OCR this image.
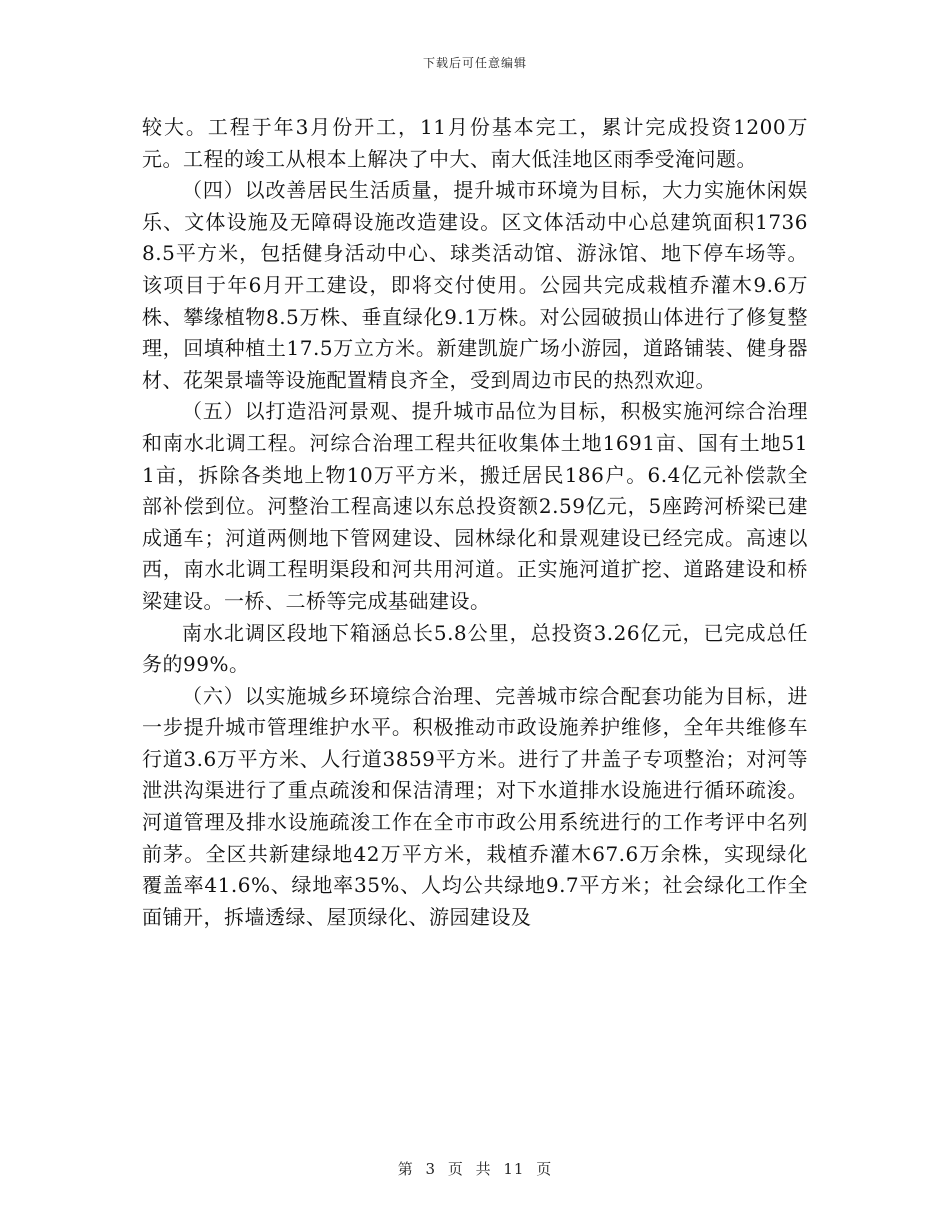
下载后可任意编辑

较大。工程于年3月份开工，11月份基本完工，累计完成投资1200万元。工程的竣工从根本上解决了中大、南大低洼地区雨季受淹问题。

（四）以改善居民生活质量，提升城市环境为目标，大力实施休闲娱乐、文体设施及无障碍设施改造建设。区文体活动中心总建筑面积17368.5平方米，包括健身活动中心、球类活动馆、游泳馆、地下停车场等。该项目于年6月开工建设，即将交付使用。公园共完成栽植乔灌木9.6万株、攀缘植物8.5万株、垂直绿化9.1万株。对公园破损山体进行了修复整理，回填种植土17.5万立方米。新建凯旋广场小游园，道路铺装、健身器材、花架景墙等设施配置精良齐全，受到周边市民的热烈欢迎。

（五）以打造沿河景观、提升城市品位为目标，积极实施河综合治理和南水北调工程。河综合治理工程共征收集体土地1691亩、国有土地511亩，拆除各类地上物10万平方米，搬迁居民186户。6.4亿元补偿款全部补偿到位。河整治工程高速以东总投资额2.59亿元，5座跨河桥梁已建成通车；河道两侧地下管网建设、园林绿化和景观建设已经完成。高速以西，南水北调工程明渠段和河共用河道。正实施河道扩挖、道路建设和桥梁建设。一桥、二桥等完成基础建设。

南水北调区段地下箱涵总长5.8公里，总投资3.26亿元，已完成总任务的99%。

（六）以实施城乡环境综合治理、完善城市综合配套功能为目标，进一步提升城市管理维护水平。积极推动市政设施养护维修，全年共维修车行道3.6万平方米、人行道3859平方米。进行了井盖子专项整治；对河等泄洪沟渠进行了重点疏浚和保洁清理；对下水道排水设施进行循环疏浚。河道管理及排水设施疏浚工作在全市市政公用系统进行的工作考评中名列前茅。全区共新建绿地42万平方米，栽植乔灌木67.6万余株，实现绿化覆盖率41.6%、绿地率35%、人均公共绿地9.7平方米；社会绿化工作全面铺开，拆墙透绿、屋顶绿化、游园建设及

第 3 页 共 11 页
